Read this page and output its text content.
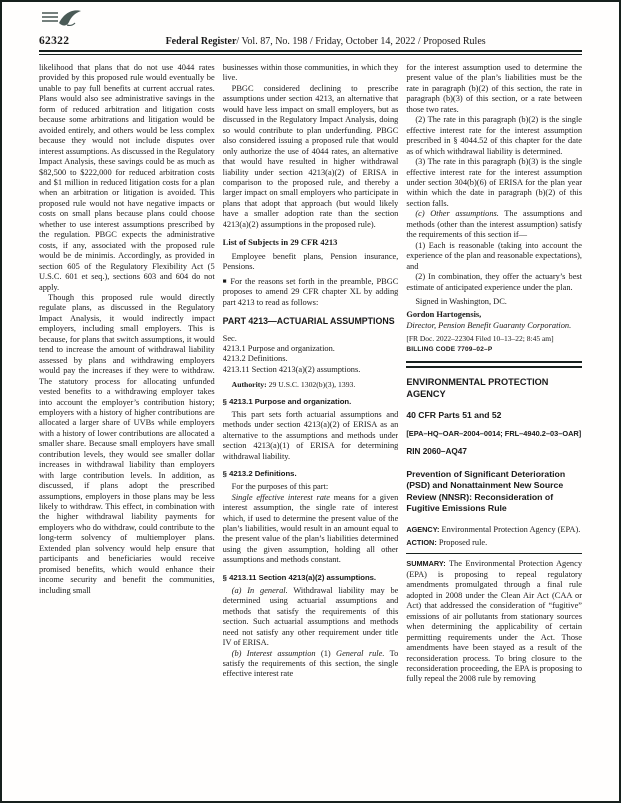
62322	Federal Register/ Vol. 87, No. 198 / Friday, October 14, 2022 / Proposed Rules

likelihood that plans that do not use 4044 rates provided by this proposed rule would eventually be unable to pay full benefits at current accrual rates. Plans would also see administrative savings in the form of reduced arbitration and litigation costs because some arbitrations and litigation would be avoided entirely, and others would be less complex because they would not include disputes over interest assumptions. As discussed in the Regulatory Impact Analysis, these savings could be as much as $82,500 to $222,000 for reduced arbitration costs and $1 million in reduced litigation costs for a plan when an arbitration or litigation is avoided. This proposed rule would not have negative impacts or costs on small plans because plans could choose whether to use interest assumptions prescribed by the regulation. PBGC expects the administrative costs, if any, associated with the proposed rule would be de minimis. Accordingly, as provided in section 605 of the Regulatory Flexibility Act (5 U.S.C. 601 et seq.), sections 603 and 604 do not apply.

Though this proposed rule would directly regulate plans, as discussed in the Regulatory Impact Analysis, it would indirectly impact employers, including small employers. This is because, for plans that switch assumptions, it would tend to increase the amount of withdrawal liability assessed by plans and withdrawing employers would pay the increases if they were to withdraw. The statutory process for allocating unfunded vested benefits to a withdrawing employer takes into account the employer’s contribution history; employers with a history of higher contributions are allocated a larger share of UVBs while employers with a history of lower contributions are allocated a smaller share. Because small employers have small contribution levels, they would see smaller dollar increases in withdrawal liability than employers with large contribution levels. In addition, as discussed, if plans adopt the prescribed assumptions, employers in those plans may be less likely to withdraw. This effect, in combination with the higher withdrawal liability payments for employers who do withdraw, could contribute to the long-term solvency of multiemployer plans. Extended plan solvency would help ensure that participants and beneficiaries would receive promised benefits, which would enhance their income security and benefit the communities, including small

businesses within those communities, in which they live.

PBGC considered declining to prescribe assumptions under section 4213, an alternative that would have less impact on small employers, but as discussed in the Regulatory Impact Analysis, doing so would contribute to plan underfunding. PBGC also considered issuing a proposed rule that would only authorize the use of 4044 rates, an alternative that would have resulted in higher withdrawal liability under section 4213(a)(2) of ERISA in comparison to the proposed rule, and thereby a larger impact on small employers who participate in plans that adopt that approach (but would likely have a smaller adoption rate than the section 4213(a)(2) assumptions in the proposed rule).

List of Subjects in 29 CFR 4213

Employee benefit plans, Pension insurance, Pensions.

■ For the reasons set forth in the preamble, PBGC proposes to amend 29 CFR chapter XL by adding part 4213 to read as follows:

PART 4213—ACTUARIAL ASSUMPTIONS
Sec.
4213.1 Purpose and organization.
4213.2 Definitions.
4213.11 Section 4213(a)(2) assumptions.
Authority: 29 U.S.C. 1302(b)(3), 1393.
§ 4213.1 Purpose and organization.

This part sets forth actuarial assumptions and methods under section 4213(a)(2) of ERISA as an alternative to the assumptions and methods under section 4213(a)(1) of ERISA for determining withdrawal liability.

§ 4213.2 Definitions.

For the purposes of this part:

Single effective interest rate means for a given interest assumption, the single rate of interest which, if used to determine the present value of the plan’s liabilities, would result in an amount equal to the present value of the plan’s liabilities determined using the given assumption, holding all other assumptions and methods constant.

§ 4213.11 Section 4213(a)(2) assumptions.

(a) In general. Withdrawal liability may be determined using actuarial assumptions and methods that satisfy the requirements of this section. Such actuarial assumptions and methods need not satisfy any other requirement under title IV of ERISA.

(b) Interest assumption (1) General rule. To satisfy the requirements of this section, the single effective interest rate

for the interest assumption used to determine the present value of the plan’s liabilities must be the rate in paragraph (b)(2) of this section, the rate in paragraph (b)(3) of this section, or a rate between those two rates.

(2) The rate in this paragraph (b)(2) is the single effective interest rate for the interest assumption prescribed in § 4044.52 of this chapter for the date as of which withdrawal liability is determined.

(3) The rate in this paragraph (b)(3) is the single effective interest rate for the interest assumption under section 304(b)(6) of ERISA for the plan year within which the date in paragraph (b)(2) of this section falls.

(c) Other assumptions. The assumptions and methods (other than the interest assumption) satisfy the requirements of this section if—

(1) Each is reasonable (taking into account the experience of the plan and reasonable expectations), and

(2) In combination, they offer the actuary’s best estimate of anticipated experience under the plan.

Signed in Washington, DC.
Gordon Hartogensis,
Director, Pension Benefit Guaranty Corporation.
[FR Doc. 2022–22304 Filed 10–13–22; 8:45 am]
BILLING CODE 7709–02–P
ENVIRONMENTAL PROTECTION AGENCY
40 CFR Parts 51 and 52
[EPA–HQ–OAR–2004–0014; FRL–4940.2–03–OAR]
RIN 2060–AQ47
Prevention of Significant Deterioration (PSD) and Nonattainment New Source Review (NNSR): Reconsideration of Fugitive Emissions Rule
AGENCY: Environmental Protection Agency (EPA).
ACTION: Proposed rule.

SUMMARY: The Environmental Protection Agency (EPA) is proposing to repeal regulatory amendments promulgated through a final rule adopted in 2008 under the Clean Air Act (CAA or Act) that addressed the consideration of “fugitive” emissions of air pollutants from stationary sources when determining the applicability of certain permitting requirements under the Act. Those amendments have been stayed as a result of the reconsideration process. To bring closure to the reconsideration proceeding, the EPA is proposing to fully repeal the 2008 rule by removing
